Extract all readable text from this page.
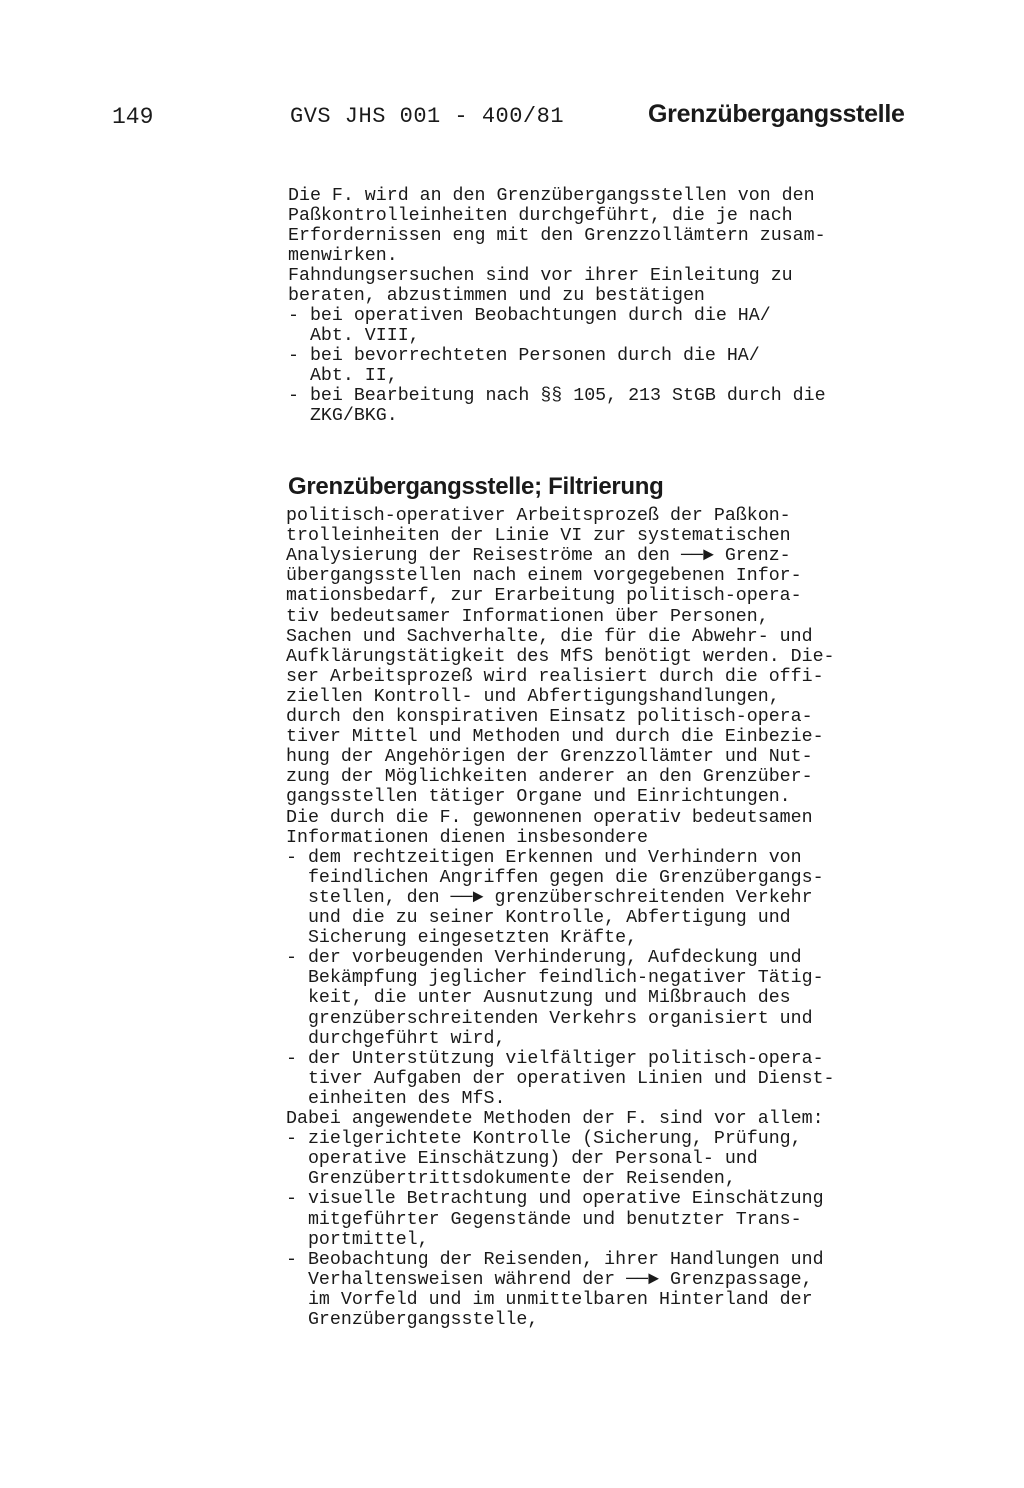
149	GVS JHS 001 - 400/81	Grenzübergangsstelle
Die F. wird an den Grenzübergangsstellen von den
Paßkontrolleinheiten durchgeführt, die je nach
Erfordernissen eng mit den Grenzzollämtern zusam-
menwirken.
Fahndungsersuchen sind vor ihrer Einleitung zu
beraten, abzustimmen und zu bestätigen
- bei operativen Beobachtungen durch die HA/
Abt. VIII,
- bei bevorrechteten Personen durch die HA/
Abt. II,
- bei Bearbeitung nach §§ 105, 213 StGB durch die
ZKG/BKG.
Grenzübergangsstelle; Filtrierung
politisch-operativer Arbeitsprozeß der Paßkon-
trolleinheiten der Linie VI zur systematischen
Analysierung der Reiseströme an den ──► Grenz-
übergangsstellen nach einem vorgegebenen Infor-
mationsbedarf, zur Erarbeitung politisch-opera-
tiv bedeutsamer Informationen über Personen,
Sachen und Sachverhalte, die für die Abwehr- und
Aufklärungstätigkeit des MfS benötigt werden. Die-
ser Arbeitsprozeß wird realisiert durch die offi-
ziellen Kontroll- und Abfertigungshandlungen,
durch den konspirativen Einsatz politisch-opera-
tiver Mittel und Methoden und durch die Einbezie-
hung der Angehörigen der Grenzzollämter und Nut-
zung der Möglichkeiten anderer an den Grenzüber-
gangsstellen tätiger Organe und Einrichtungen.
Die durch die F. gewonnenen operativ bedeutsamen
Informationen dienen insbesondere
- dem rechtzeitigen Erkennen und Verhindern von
feindlichen Angriffen gegen die Grenzübergangs-
stellen, den ──► grenzüberschreitenden Verkehr
und die zu seiner Kontrolle, Abfertigung und
Sicherung eingesetzten Kräfte,
- der vorbeugenden Verhinderung, Aufdeckung und
Bekämpfung jeglicher feindlich-negativer Tätig-
keit, die unter Ausnutzung und Mißbrauch des
grenzüberschreitenden Verkehrs organisiert und
durchgeführt wird,
- der Unterstützung vielfältiger politisch-opera-
tiver Aufgaben der operativen Linien und Dienst-
einheiten des MfS.
Dabei angewendete Methoden der F. sind vor allem:
- zielgerichtete Kontrolle (Sicherung, Prüfung,
operative Einschätzung) der Personal- und
Grenzübertrittsdokumente der Reisenden,
- visuelle Betrachtung und operative Einschätzung
mitgeführter Gegenstände und benutzter Trans-
portmittel,
- Beobachtung der Reisenden, ihrer Handlungen und
Verhaltensweisen während der ──► Grenzpassage,
im Vorfeld und im unmittelbaren Hinterland der
Grenzübergangsstelle,
